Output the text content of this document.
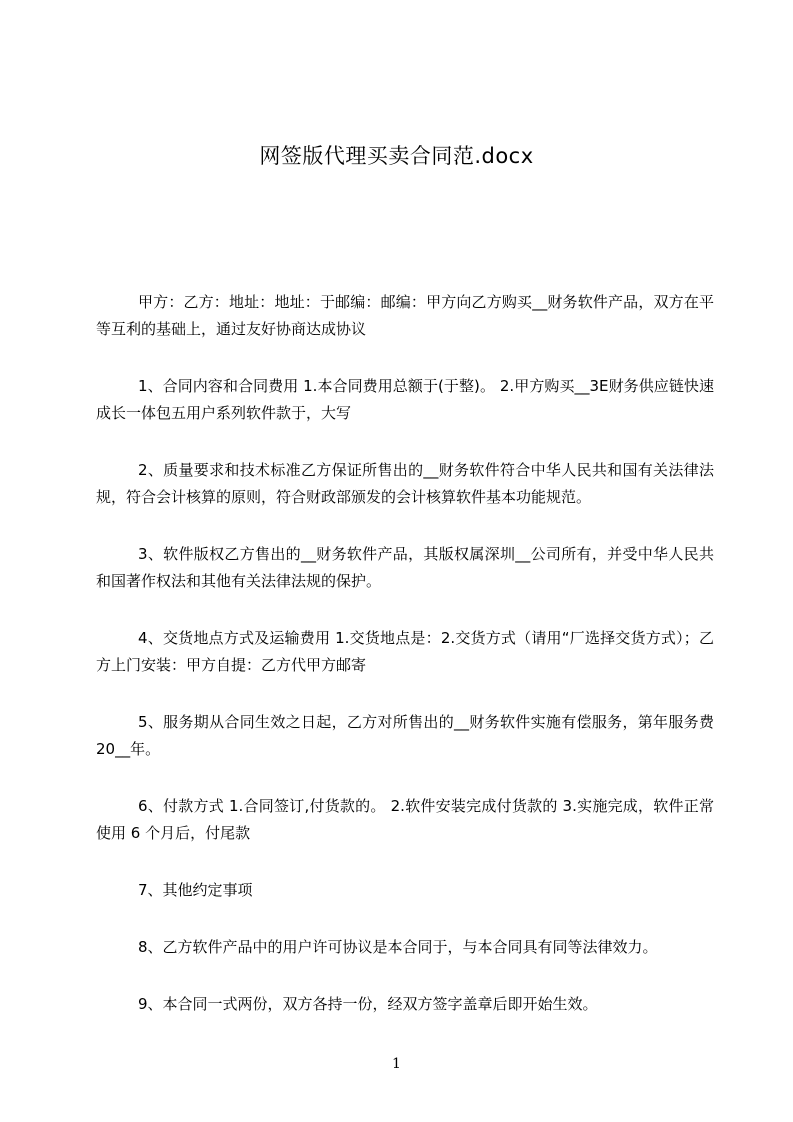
网签版代理买卖合同范.docx

甲方：乙方：地址：地址：于邮编：邮编：甲方向乙方购买__财务软件产品，双方在平等互利的基础上，通过友好协商达成协议

1、合同内容和合同费用 1.本合同费用总额于(于整)。 2.甲方购买__3E财务供应链快速成长一体包五用户系列软件款于，大写

2、质量要求和技术标准乙方保证所售出的__财务软件符合中华人民共和国有关法律法规，符合会计核算的原则，符合财政部颁发的会计核算软件基本功能规范。

3、软件版权乙方售出的__财务软件产品，其版权属深圳__公司所有，并受中华人民共和国著作权法和其他有关法律法规的保护。

4、交货地点方式及运输费用 1.交货地点是：2.交货方式（请用“厂选择交货方式）；乙方上门安装：甲方自提：乙方代甲方邮寄

5、服务期从合同生效之日起，乙方对所售出的__财务软件实施有偿服务，第年服务费 20__年。

6、付款方式 1.合同签订,付货款的。 2.软件安装完成付货款的 3.实施完成，软件正常使用 6 个月后，付尾款

7、其他约定事项

8、乙方软件产品中的用户许可协议是本合同于，与本合同具有同等法律效力。

9、本合同一式两份，双方各持一份，经双方签字盖章后即开始生效。

1
